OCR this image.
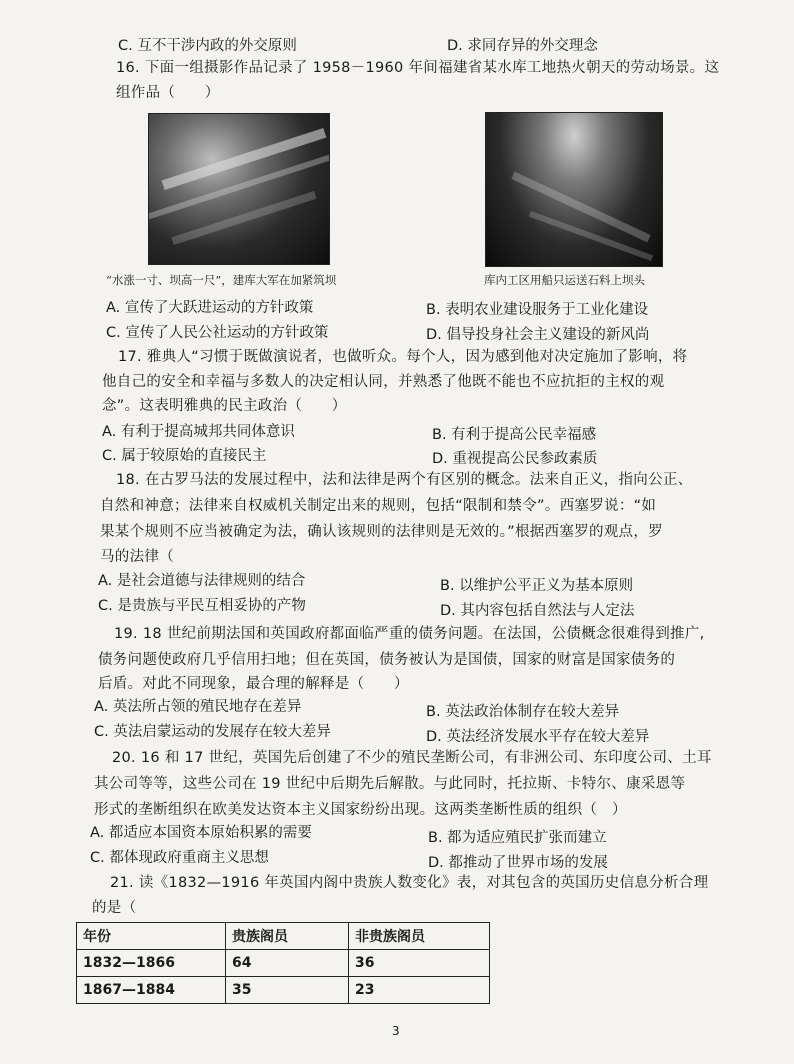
C. 互不干涉内政的外交原则	D. 求同存异的外交理念
16. 下面一组摄影作品记录了 1958－1960 年间福建省某水库工地热火朝天的劳动场景。这
组作品（　　）
“水涨一寸、坝高一尺”，建库大军在加紧筑坝	库内工区用船只运送石料上坝头
A. 宣传了大跃进运动的方针政策	B. 表明农业建设服务于工业化建设
C. 宣传了人民公社运动的方针政策	D. 倡导投身社会主义建设的新风尚
17. 雅典人“习惯于既做演说者，也做听众。每个人，因为感到他对决定施加了影响，将
他自己的安全和幸福与多数人的决定相认同，并熟悉了他既不能也不应抗拒的主权的观
念”。这表明雅典的民主政治（　　）
A. 有利于提高城邦共同体意识	B. 有利于提高公民幸福感
C. 属于较原始的直接民主	D. 重视提高公民参政素质
18. 在古罗马法的发展过程中，法和法律是两个有区别的概念。法来自正义，指向公正、
自然和神意；法律来自权威机关制定出来的规则，包括“限制和禁令”。西塞罗说：“如
果某个规则不应当被确定为法，确认该规则的法律则是无效的。”根据西塞罗的观点，罗
马的法律（
A. 是社会道德与法律规则的结合	B. 以维护公平正义为基本原则
C. 是贵族与平民互相妥协的产物	D. 其内容包括自然法与人定法
19. 18 世纪前期法国和英国政府都面临严重的债务问题。在法国，公债概念很难得到推广,
债务问题使政府几乎信用扫地；但在英国，债务被认为是国债，国家的财富是国家债务的
后盾。对此不同现象，最合理的解释是（　　）
A. 英法所占领的殖民地存在差异	B. 英法政治体制存在较大差异
C. 英法启蒙运动的发展存在较大差异	D. 英法经济发展水平存在较大差异
20. 16 和 17 世纪，英国先后创建了不少的殖民垄断公司，有非洲公司、东印度公司、土耳
其公司等等，这些公司在 19 世纪中后期先后解散。与此同时，托拉斯、卡特尔、康采恩等
形式的垄断组织在欧美发达资本主义国家纷纷出现。这两类垄断性质的组织（　）
A. 都适应本国资本原始积累的需要	B. 都为适应殖民扩张而建立
C. 都体现政府重商主义思想	D. 都推动了世界市场的发展
21. 读《1832—1916 年英国内阁中贵族人数变化》表，对其包含的英国历史信息分析合理
的是（
年份	贵族阁员	非贵族阁员
1832—1866	64	36
1867—1884	35	23
3
